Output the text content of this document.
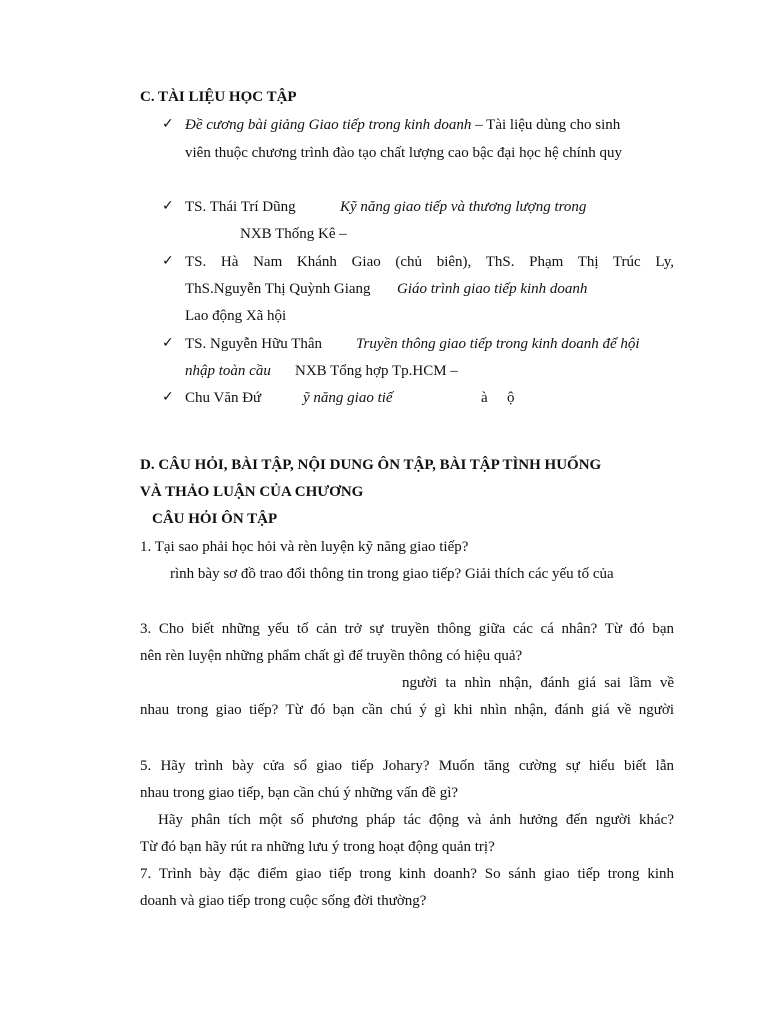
C. TÀI LIỆU HỌC TẬP
✓ Đề cương bài giảng Giao tiếp trong kinh doanh – Tài liệu dùng cho sinh
viên thuộc chương trình đào tạo chất lượng cao bậc đại học hệ chính quy
✓ TS. Thái Trí Dũng	Kỹ năng giao tiếp và thương lượng trong
NXB Thống Kê –
✓ TS. Hà Nam Khánh Giao (chủ biên), ThS. Phạm Thị Trúc Ly,
ThS.Nguyễn Thị Quỳnh Giang Giáo trình giao tiếp kinh doanh
Lao động Xã hội
✓ TS. Nguyễn Hữu Thân Truyền thông giao tiếp trong kinh doanh để hội
nhập toàn cầu NXB Tổng hợp Tp.HCM –
✓ Chu Văn Đứ	ỹ năng giao tiế	à ộ
D. CÂU HỎI, BÀI TẬP, NỘI DUNG ÔN TẬP, BÀI TẬP TÌNH HUỐNG
VÀ THẢO LUẬN CỦA CHƯƠNG
CÂU HỎI ÔN TẬP
1. Tại sao phải học hỏi và rèn luyện kỹ năng giao tiếp?
rình bày sơ đồ trao đổi thông tin trong giao tiếp? Giải thích các yếu tố của
3. Cho biết những yếu tố cản trở sự truyền thông giữa các cá nhân? Từ đó bạn
nên rèn luyện những phẩm chất gì để truyền thông có hiệu quả?
người ta nhìn nhận, đánh giá sai lầm về
nhau trong giao tiếp? Từ đó bạn cần chú ý gì khi nhìn nhận, đánh giá về người
5. Hãy trình bày cửa sổ giao tiếp Johary? Muốn tăng cường sự hiểu biết lẫn
nhau trong giao tiếp, bạn cần chú ý những vấn đề gì?
Hãy phân tích một số phương pháp tác động và ảnh hưởng đến người khác?
Từ đó bạn hãy rút ra những lưu ý trong hoạt động quản trị?
7. Trình bày đặc điểm giao tiếp trong kinh doanh? So sánh giao tiếp trong kinh
doanh và giao tiếp trong cuộc sống đời thường?
